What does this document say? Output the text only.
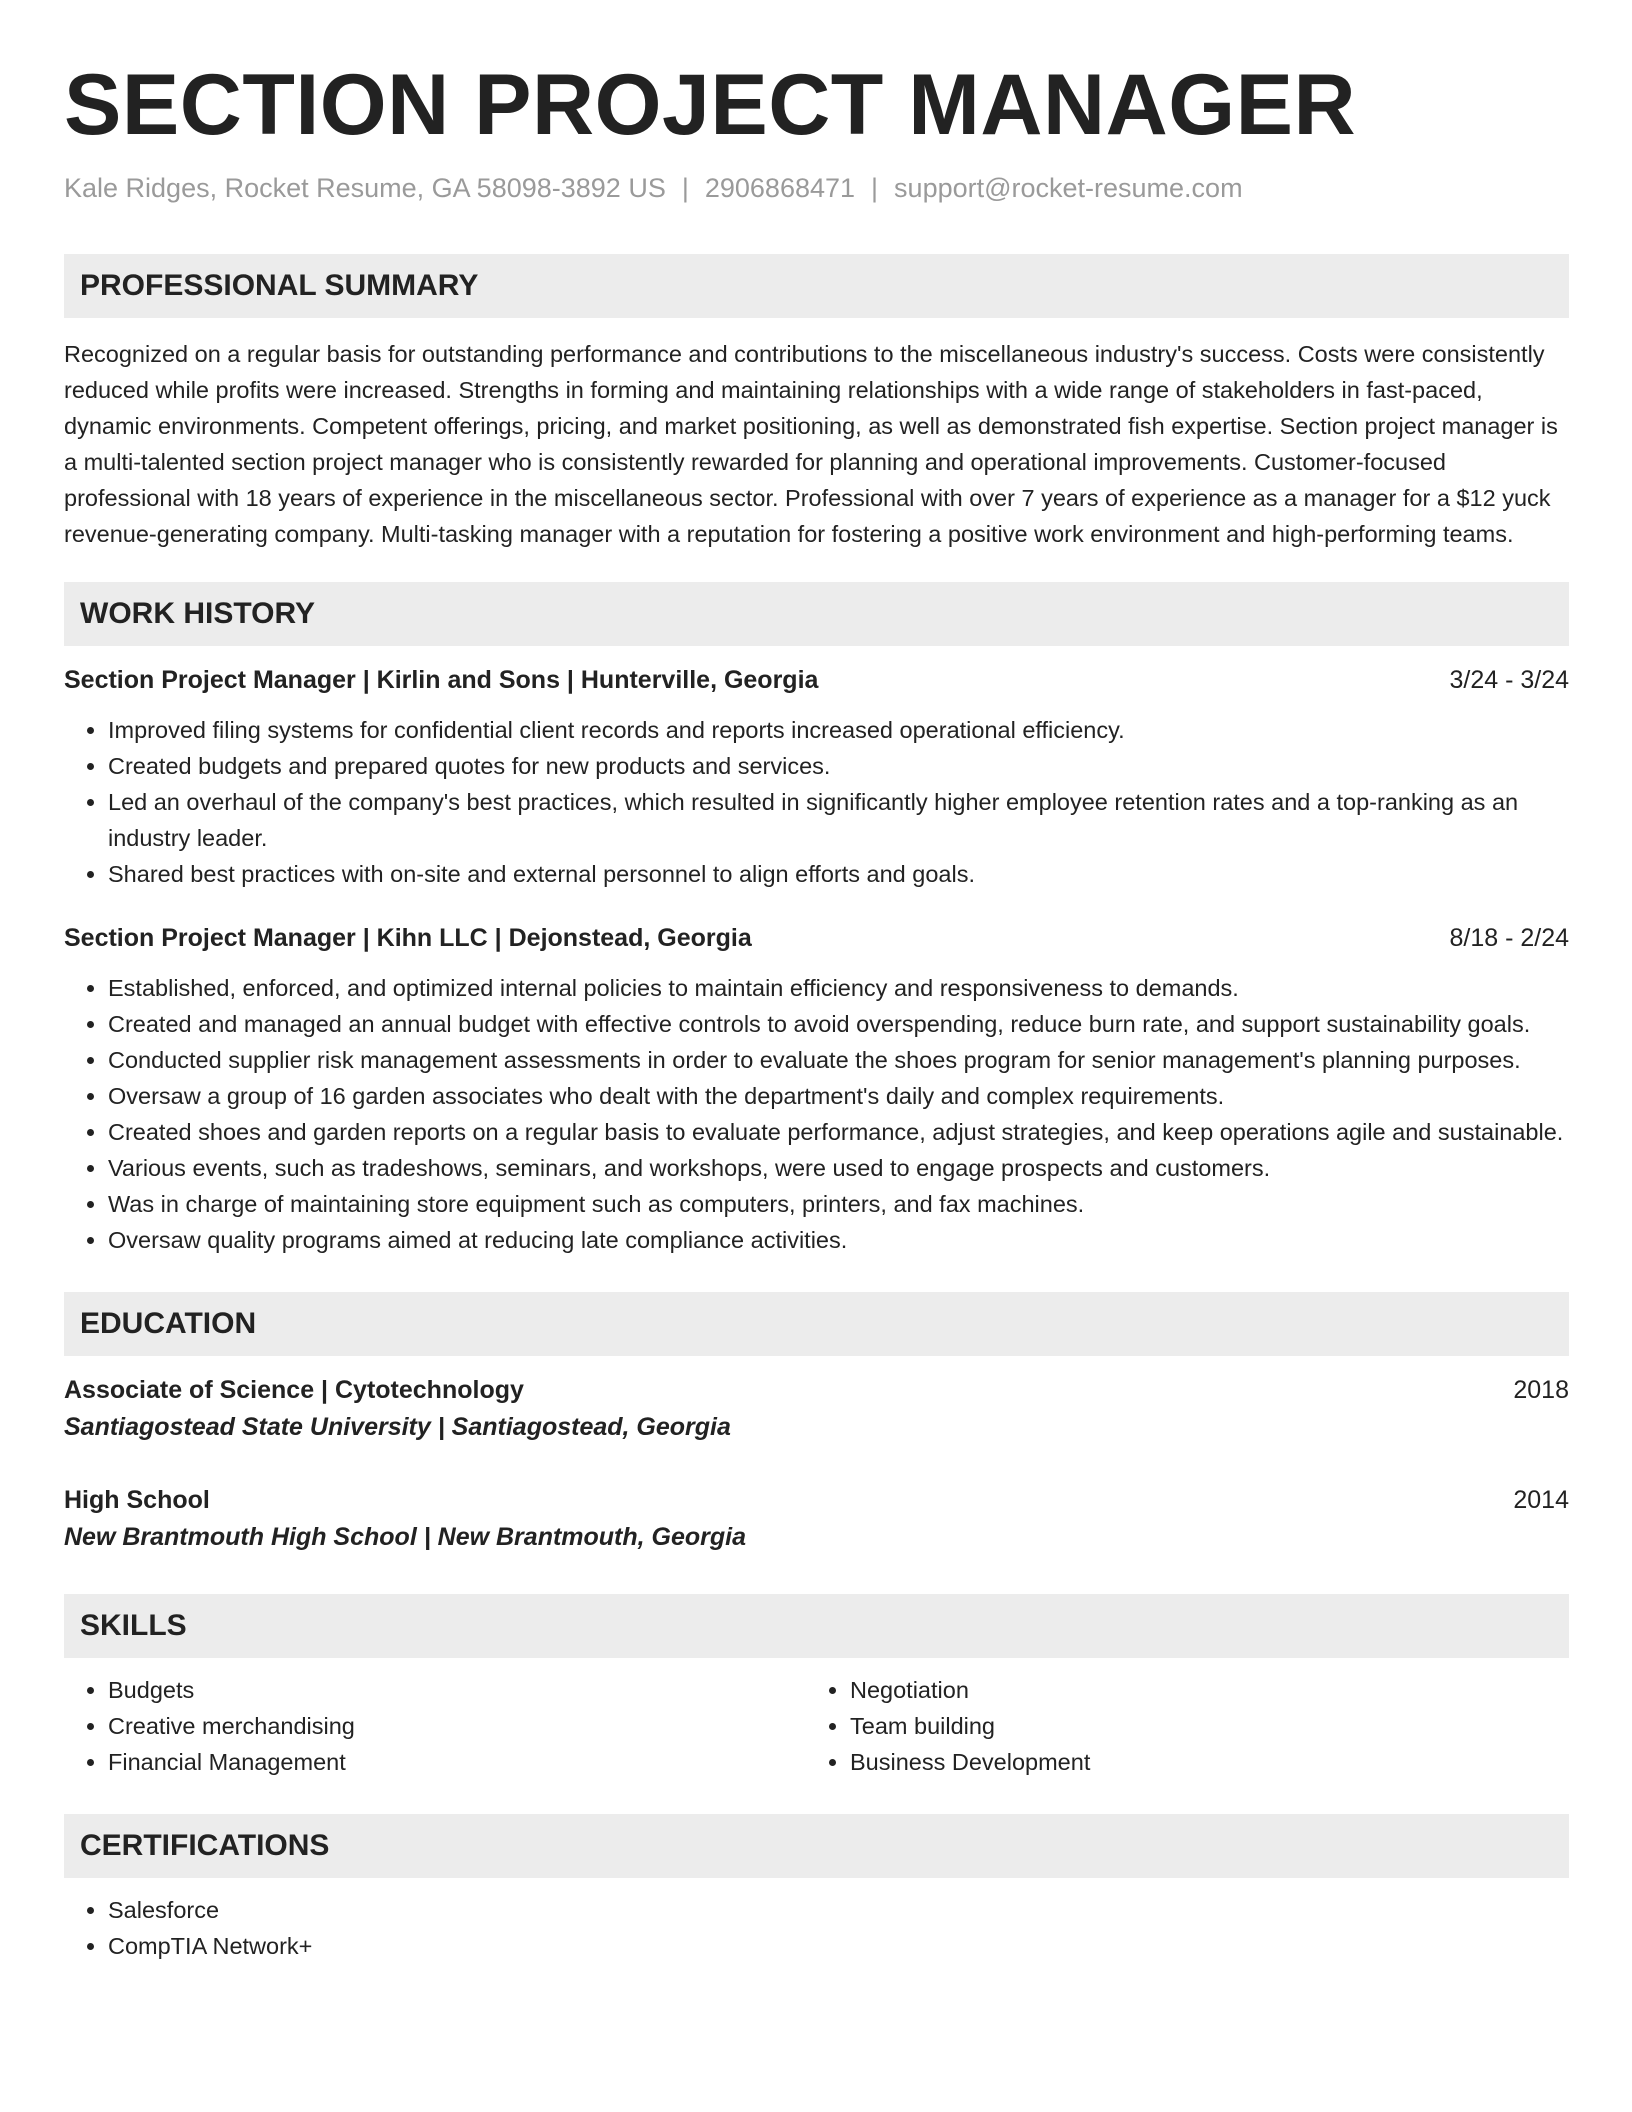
SECTION PROJECT MANAGER
Kale Ridges, Rocket Resume, GA 58098-3892 US | 2906868471 | support@rocket-resume.com
PROFESSIONAL SUMMARY
Recognized on a regular basis for outstanding performance and contributions to the miscellaneous industry's success. Costs were consistently reduced while profits were increased. Strengths in forming and maintaining relationships with a wide range of stakeholders in fast-paced, dynamic environments. Competent offerings, pricing, and market positioning, as well as demonstrated fish expertise. Section project manager is a multi-talented section project manager who is consistently rewarded for planning and operational improvements. Customer-focused professional with 18 years of experience in the miscellaneous sector. Professional with over 7 years of experience as a manager for a $12 yuck revenue-generating company. Multi-tasking manager with a reputation for fostering a positive work environment and high-performing teams.
WORK HISTORY
Section Project Manager | Kirlin and Sons | Hunterville, Georgia	3/24 - 3/24
• Improved filing systems for confidential client records and reports increased operational efficiency.
• Created budgets and prepared quotes for new products and services.
• Led an overhaul of the company's best practices, which resulted in significantly higher employee retention rates and a top-ranking as an industry leader.
• Shared best practices with on-site and external personnel to align efforts and goals.
Section Project Manager | Kihn LLC | Dejonstead, Georgia	8/18 - 2/24
• Established, enforced, and optimized internal policies to maintain efficiency and responsiveness to demands.
• Created and managed an annual budget with effective controls to avoid overspending, reduce burn rate, and support sustainability goals.
• Conducted supplier risk management assessments in order to evaluate the shoes program for senior management's planning purposes.
• Oversaw a group of 16 garden associates who dealt with the department's daily and complex requirements.
• Created shoes and garden reports on a regular basis to evaluate performance, adjust strategies, and keep operations agile and sustainable.
• Various events, such as tradeshows, seminars, and workshops, were used to engage prospects and customers.
• Was in charge of maintaining store equipment such as computers, printers, and fax machines.
• Oversaw quality programs aimed at reducing late compliance activities.
EDUCATION
Associate of Science | Cytotechnology	2018
Santiagostead State University | Santiagostead, Georgia
High School	2014
New Brantmouth High School | New Brantmouth, Georgia
SKILLS
• Budgets
• Creative merchandising
• Financial Management
• Negotiation
• Team building
• Business Development
CERTIFICATIONS
• Salesforce
• CompTIA Network+
